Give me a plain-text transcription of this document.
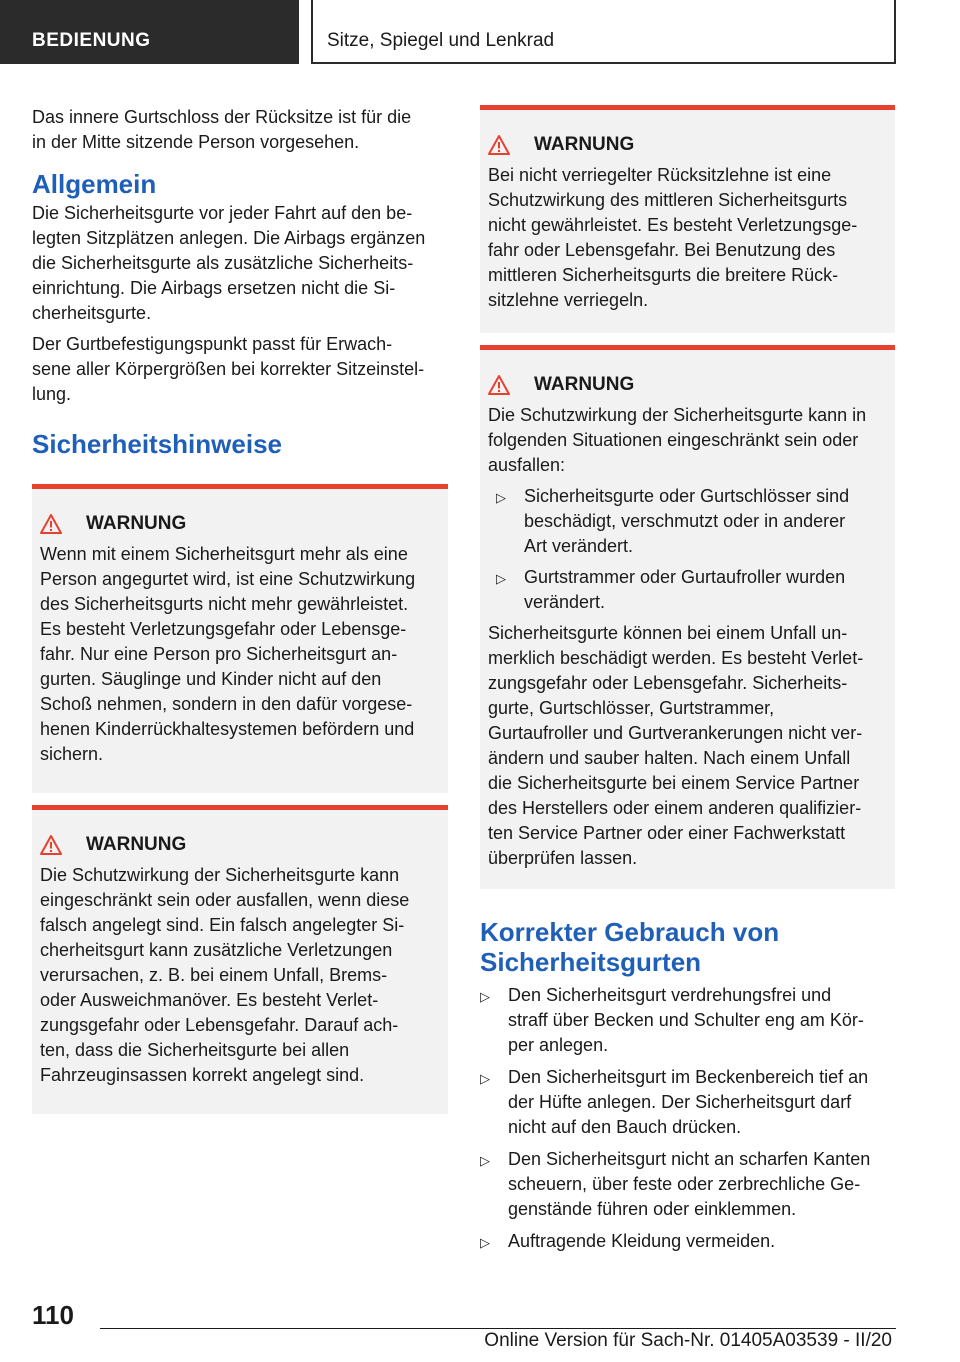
BEDIENUNG	Sitze, Spiegel und Lenkrad
Das innere Gurtschloss der Rücksitze ist für die
in der Mitte sitzende Person vorgesehen.
Allgemein
Die Sicherheitsgurte vor jeder Fahrt auf den be-
legten Sitzplätzen anlegen. Die Airbags ergänzen
die Sicherheitsgurte als zusätzliche Sicherheits-
einrichtung. Die Airbags ersetzen nicht die Si-
cherheitsgurte.
Der Gurtbefestigungspunkt passt für Erwach-
sene aller Körpergrößen bei korrekter Sitzeinstel-
lung.
Sicherheitshinweise
WARNUNG
Wenn mit einem Sicherheitsgurt mehr als eine
Person angegurtet wird, ist eine Schutzwirkung
des Sicherheitsgurts nicht mehr gewährleistet.
Es besteht Verletzungsgefahr oder Lebensge-
fahr. Nur eine Person pro Sicherheitsgurt an-
gurten. Säuglinge und Kinder nicht auf den
Schoß nehmen, sondern in den dafür vorgese-
henen Kinderrückhaltesystemen befördern und
sichern.
WARNUNG
Die Schutzwirkung der Sicherheitsgurte kann
eingeschränkt sein oder ausfallen, wenn diese
falsch angelegt sind. Ein falsch angelegter Si-
cherheitsgurt kann zusätzliche Verletzungen
verursachen, z. B. bei einem Unfall, Brems-
oder Ausweichmanöver. Es besteht Verlet-
zungsgefahr oder Lebensgefahr. Darauf ach-
ten, dass die Sicherheitsgurte bei allen
Fahrzeuginsassen korrekt angelegt sind.
WARNUNG
Bei nicht verriegelter Rücksitzlehne ist eine
Schutzwirkung des mittleren Sicherheitsgurts
nicht gewährleistet. Es besteht Verletzungsge-
fahr oder Lebensgefahr. Bei Benutzung des
mittleren Sicherheitsgurts die breitere Rück-
sitzlehne verriegeln.
WARNUNG
Die Schutzwirkung der Sicherheitsgurte kann in
folgenden Situationen eingeschränkt sein oder
ausfallen:
▷	Sicherheitsgurte oder Gurtschlösser sind
beschädigt, verschmutzt oder in anderer
Art verändert.
▷	Gurtstrammer oder Gurtaufroller wurden
verändert.
Sicherheitsgurte können bei einem Unfall un-
merklich beschädigt werden. Es besteht Verlet-
zungsgefahr oder Lebensgefahr. Sicherheits-
gurte, Gurtschlösser, Gurtstrammer,
Gurtaufroller und Gurtverankerungen nicht ver-
ändern und sauber halten. Nach einem Unfall
die Sicherheitsgurte bei einem Service Partner
des Herstellers oder einem anderen qualifizier-
ten Service Partner oder einer Fachwerkstatt
überprüfen lassen.
Korrekter Gebrauch von
Sicherheitsgurten
▷	Den Sicherheitsgurt verdrehungsfrei und
straff über Becken und Schulter eng am Kör-
per anlegen.
▷	Den Sicherheitsgurt im Beckenbereich tief an
der Hüfte anlegen. Der Sicherheitsgurt darf
nicht auf den Bauch drücken.
▷	Den Sicherheitsgurt nicht an scharfen Kanten
scheuern, über feste oder zerbrechliche Ge-
genstände führen oder einklemmen.
▷	Auftragende Kleidung vermeiden.
110
Online Version für Sach-Nr. 01405A03539 - II/20
